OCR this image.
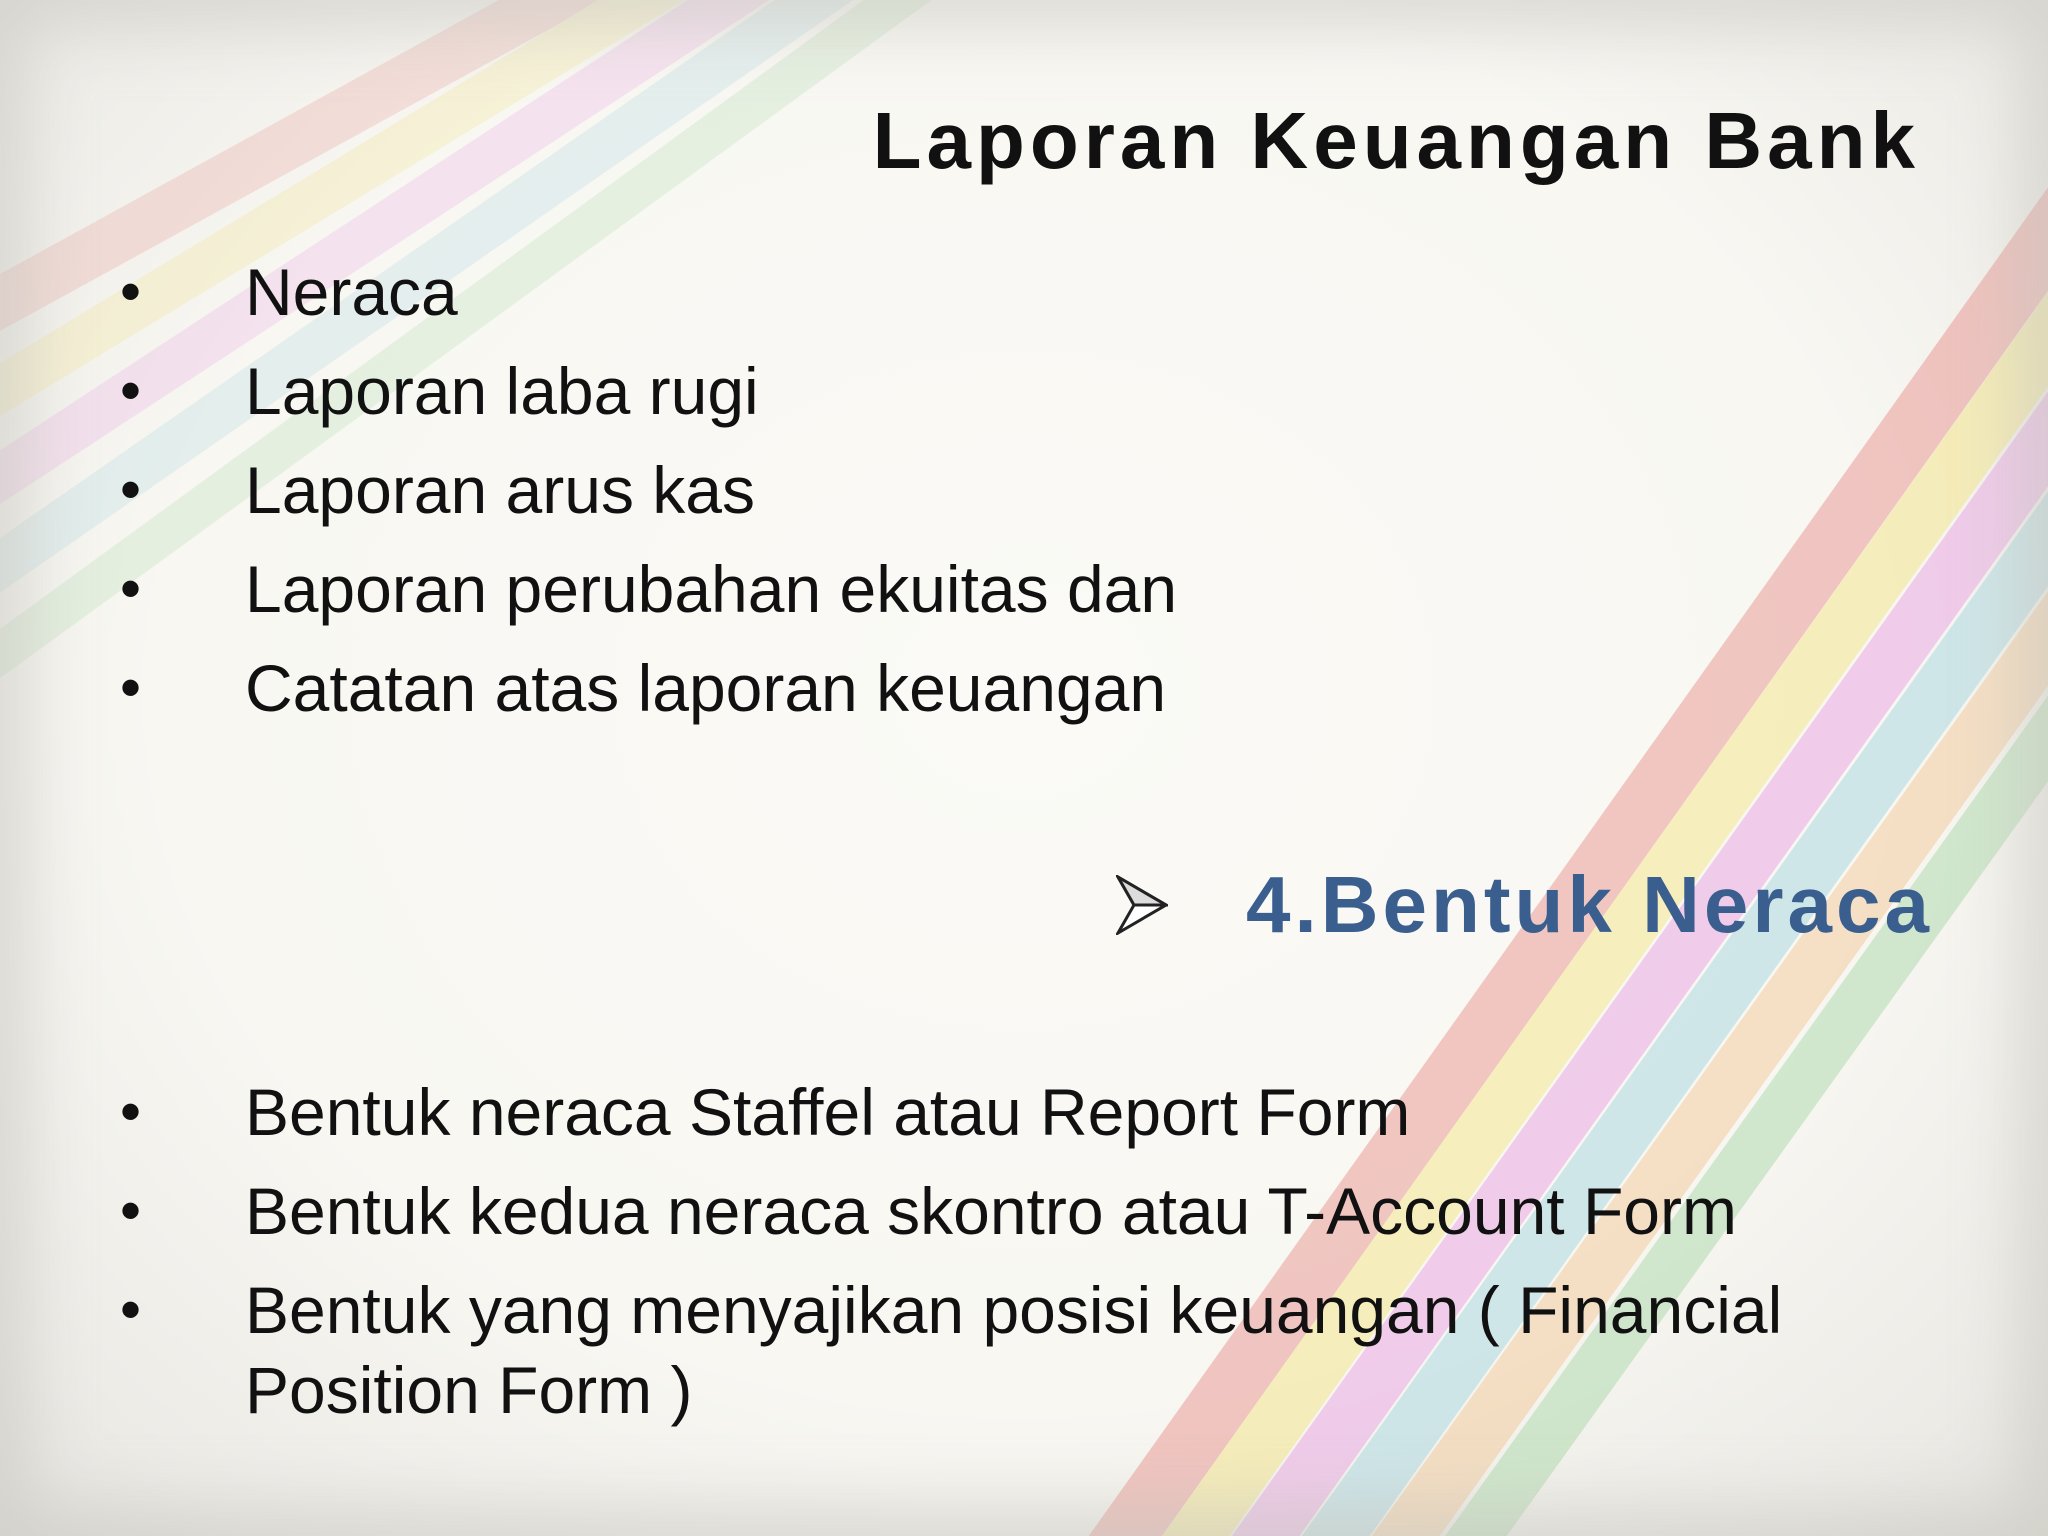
Laporan Keuangan Bank
• Neraca
• Laporan laba rugi
• Laporan arus kas
• Laporan perubahan ekuitas dan
• Catatan atas laporan keuangan
4.Bentuk Neraca
• Bentuk neraca Staffel atau Report Form
• Bentuk kedua neraca skontro atau T-Account Form
• Bentuk yang menyajikan posisi keuangan ( Financial Position Form )
